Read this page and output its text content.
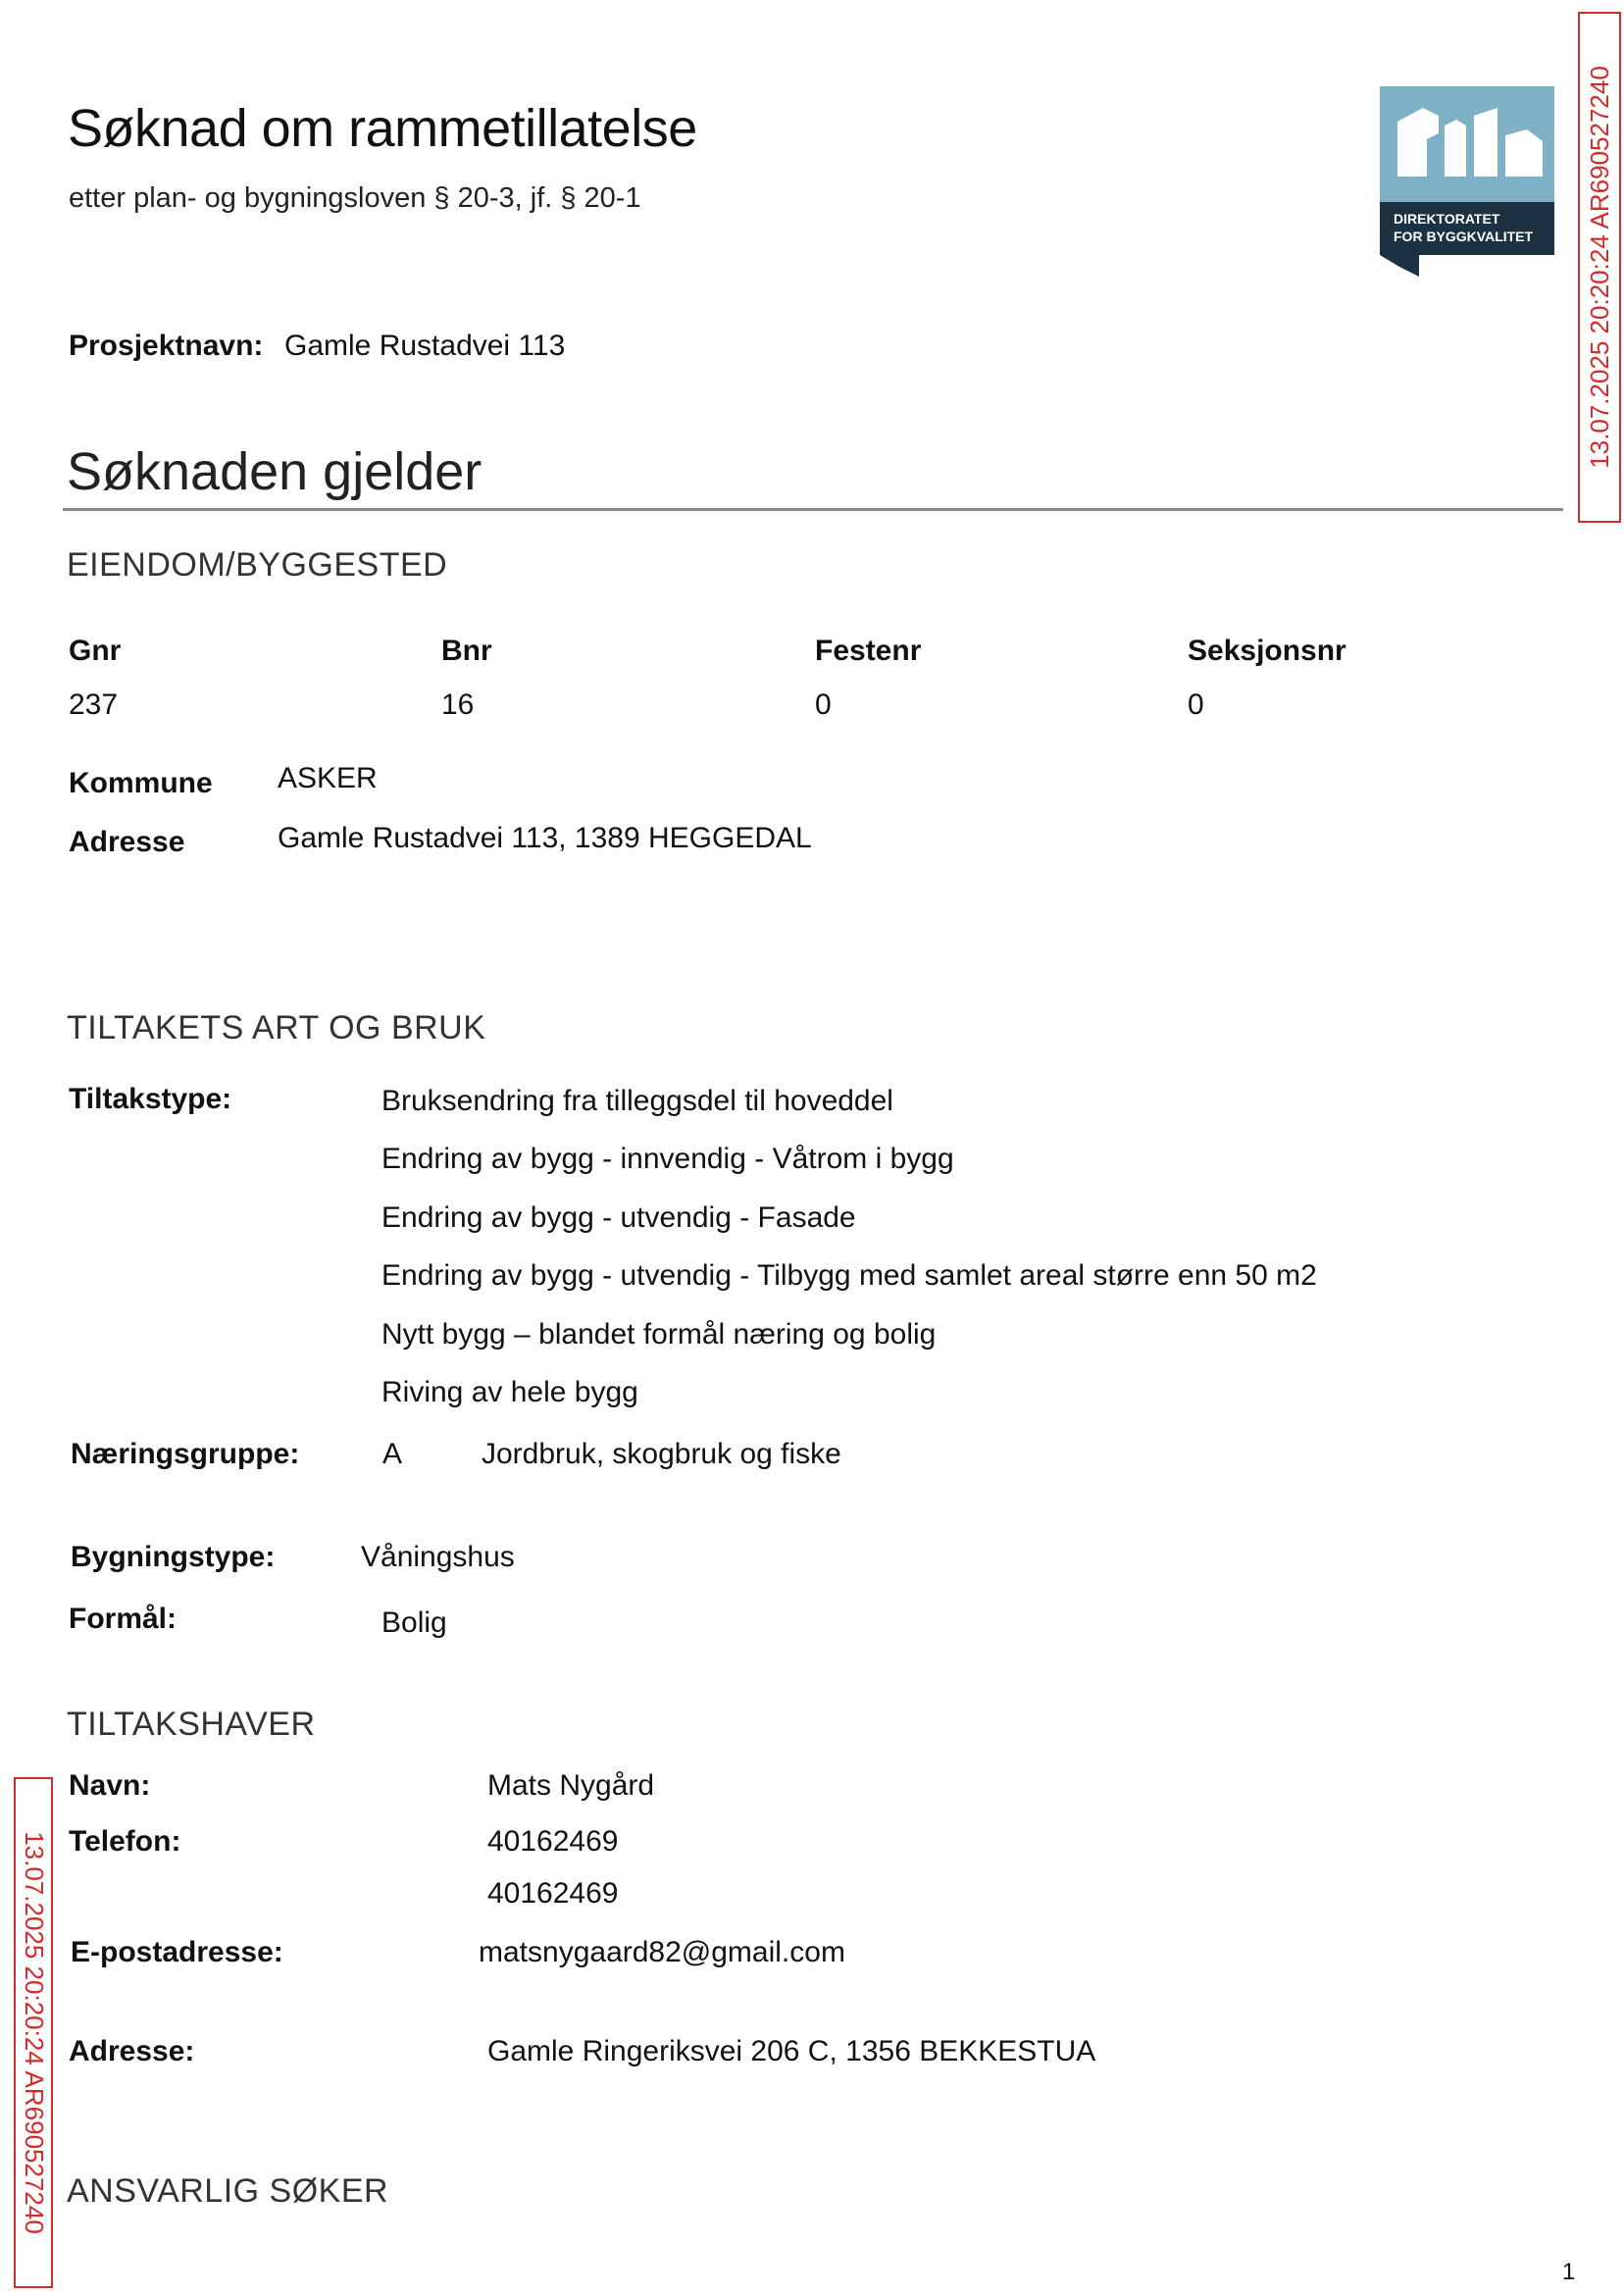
Søknad om rammetillatelse
etter plan- og bygningsloven § 20-3, jf. § 20-1
DIREKTORATET
FOR BYGGKVALITET 13.07.2025 20:20:24 AR690527240
13.07.2025 20:20:24 AR690527240
Prosjektnavn: Gamle Rustadvei 113
Søknaden gjelder
EIENDOM/BYGGESTED
Gnr	Bnr	Festenr	Seksjonsnr
237	16	0	0
Kommune ASKER
Adresse	Gamle Rustadvei 113, 1389 HEGGEDAL
TILTAKETS ART OG BRUK
Tiltakstype:	Bruksendring fra tilleggsdel til hoveddel
Endring av bygg - innvendig - Våtrom i bygg
Endring av bygg - utvendig - Fasade
Endring av bygg - utvendig - Tilbygg med samlet areal større enn 50 m2
Nytt bygg – blandet formål næring og bolig
Riving av hele bygg
Næringsgruppe:	A	Jordbruk, skogbruk og fiske
Bygningstype:	Våningshus
Formål:	Bolig
TILTAKSHAVER
Navn:	Mats Nygård
Telefon:	40162469
40162469
E-postadresse:	matsnygaard82@gmail.com
Adresse:	Gamle Ringeriksvei 206 C, 1356 BEKKESTUA
ANSVARLIG SØKER
1
